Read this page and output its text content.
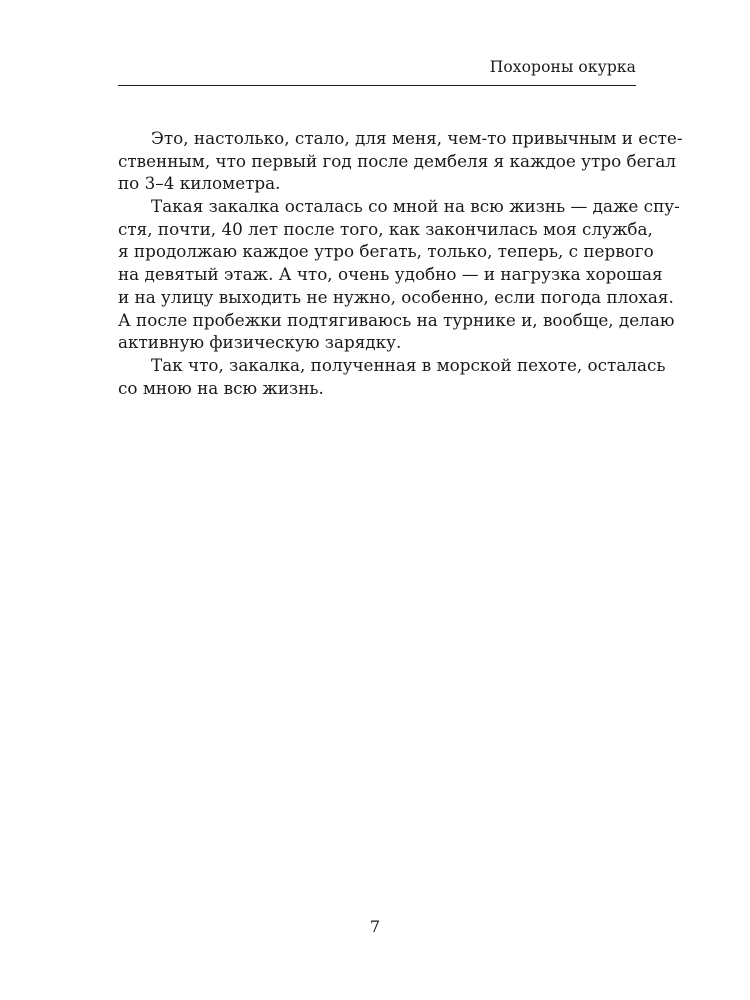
Похороны окурка
Это, настолько, стало, для меня, чем-то привычным и есте-
ственным, что первый год после дембеля я каждое утро бегал
по 3–4 километра.
Такая закалка осталась со мной на всю жизнь — даже спу-
стя, почти, 40 лет после того, как закончилась моя служба,
я продолжаю каждое утро бегать, только, теперь, с первого
на девятый этаж. А что, очень удобно — и нагрузка хорошая
и на улицу выходить не нужно, особенно, если погода плохая.
А после пробежки подтягиваюсь на турнике и, вообще, делаю
активную физическую зарядку.
Так что, закалка, полученная в морской пехоте, осталась
со мною на всю жизнь.
7
